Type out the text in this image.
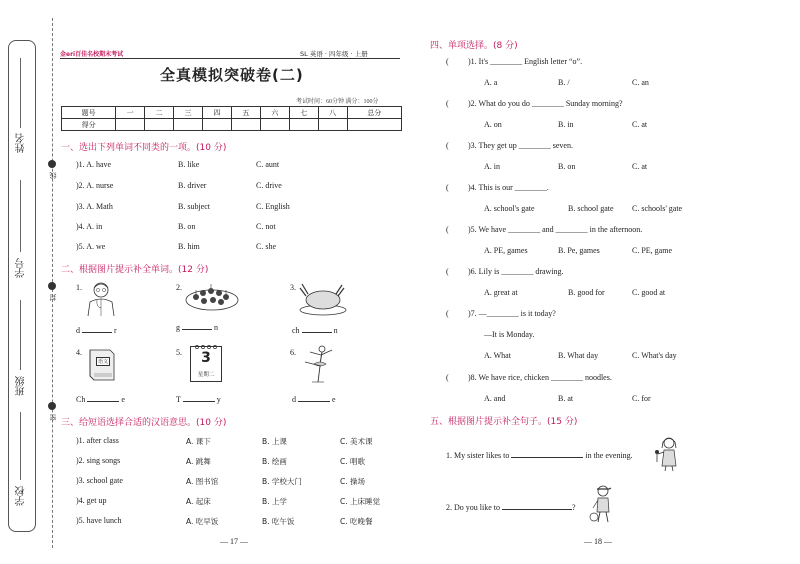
姓名
学号
班级
学校
线
封
密
金eri百佳名校期末考试	SL 英语 · 四年级 · 上册
全真模拟突破卷(二)
考试时间：60分钟 满分：100分
题号	一	二	三	四	五	六	七	八	总分
得分									
一、选出下列单词不同类的一项。(10 分)
)1. A. have	B. like	C. aunt
)2. A. nurse	B. driver	C. drive
)3. A. Math	B. subject	C. English
)4. A. in	B. on	C. not
)5. A. we	B. him	C. she
二、根据图片提示补全单词。(12 分)
1.
d	r
2.
g	n
3.
ch	n
4.
语文
Ch	e
5.	3
星期二
T	y
6.
d	e
三、给短语选择合适的汉语意思。(10 分)
)1. after class	A. 课下	B. 上课	C. 美术课
)2. sing songs	A. 跳舞	B. 绘画	C. 唱歌
)3. school gate	A. 图书馆	B. 学校大门	C. 操场
)4. get up	A. 起床	B. 上学	C. 上床睡觉
)5. have lunch	A. 吃早饭	B. 吃午饭	C. 吃晚餐
— 17 —
四、单项选择。(8 分)
( )1. It's ________ English letter “o”.
A. a	B. /	C. an
( )2. What do you do ________ Sunday morning?
A. on	B. in	C. at
( )3. They get up ________ seven.
A. in	B. on	C. at
( )4. This is our ________.
A. school's gate	B. school gate C. schools' gate
( )5. We have ________ and ________ in the afternoon.
A. PE, games	B. Pe, games	C. PE, game
( )6. Lily is ________ drawing.
A. great at	B. good for	C. good at
( )7. —________ is it today?
—It is Monday.
A. What	B. What day	C. What's day
( )8. We have rice, chicken ________ noodles.
A. and	B. at	C. for
五、根据图片提示补全句子。(15 分)
1. My sister likes to	in the evening.
2. Do you like to	?
— 18 —
